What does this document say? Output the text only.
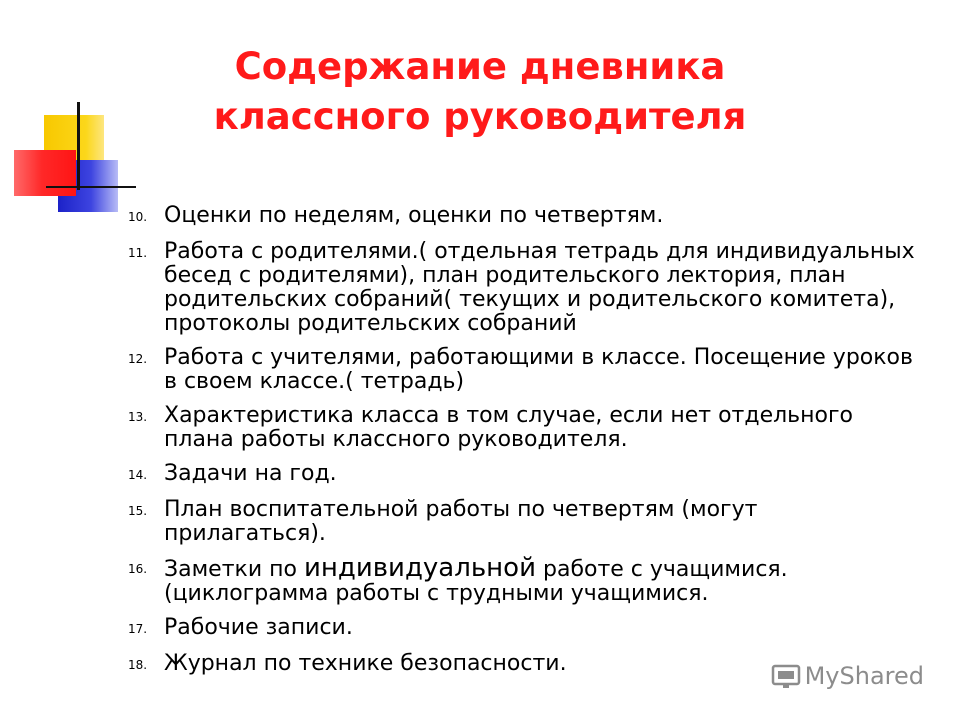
Содержание дневника
классного руководителя
10. Оценки по неделям, оценки по четвертям.
11. Работа с родителями.( отдельная тетрадь для индивидуальных бесед с родителями), план родительского лектория, план родительских собраний( текущих и родительского комитета), протоколы родительских собраний
12. Работа с учителями, работающими в классе. Посещение уроков в своем классе.( тетрадь)
13. Характеристика класса в том случае, если нет отдельного плана работы классного руководителя.
14. Задачи на год.
15. План воспитательной работы по четвертям (могут прилагаться).
16. Заметки по индивидуальной работе с учащимися.(циклограмма работы с трудными учащимися.
17. Рабочие записи.
18. Журнал по технике безопасности.	MyShared
